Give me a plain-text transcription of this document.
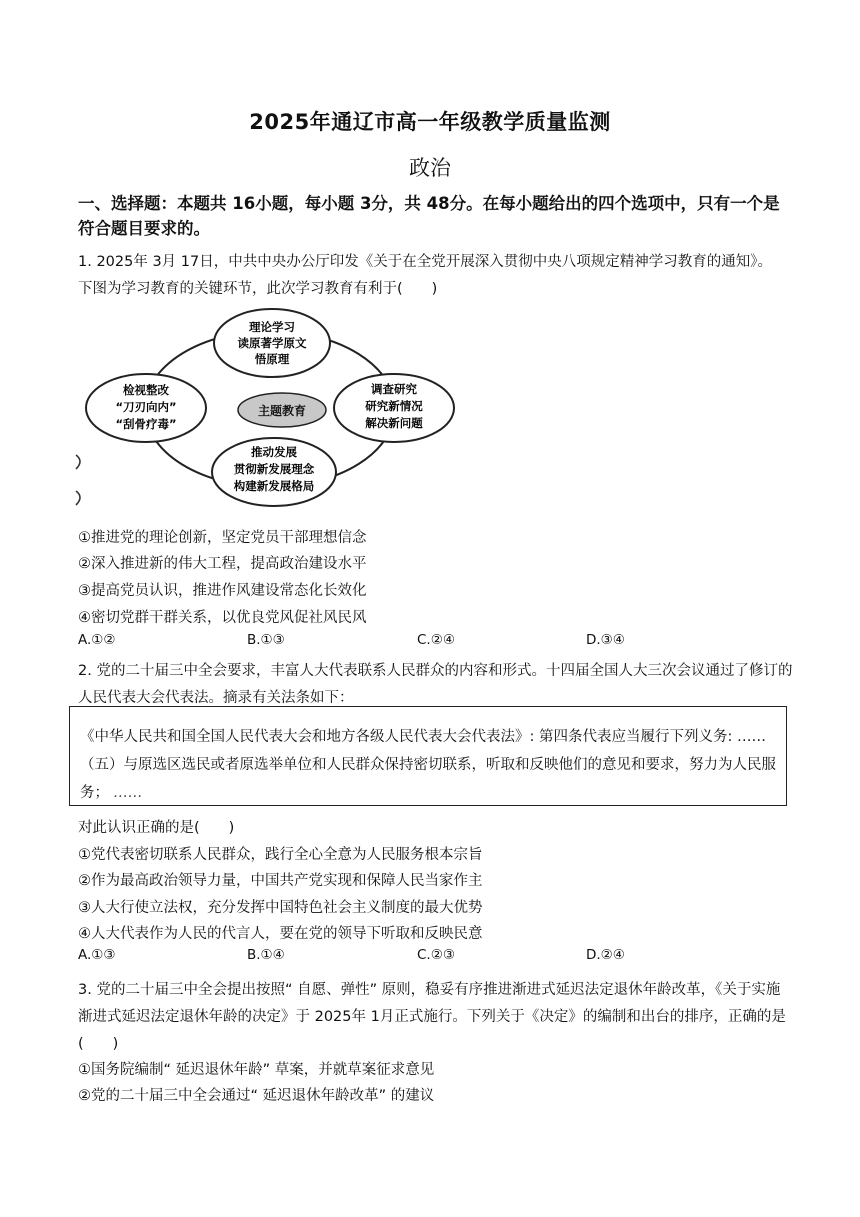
2025年通辽市高一年级教学质量监测
政治
一、选择题：本题共 16小题，每小题 3分，共 48分。在每小题给出的四个选项中，只有一个是符合题目要求的。
1. 2025年 3月 17日，中共中央办公厅印发《关于在全党开展深入贯彻中央八项规定精神学习教育的通知》。
下图为学习教育的关键环节，此次学习教育有利于(　　)
主题教育
理论学习
读原著学原文
悟原理
检视整改
“刀刃向内”
“刮骨疗毒”
调查研究
研究新情况
解决新问题
推动发展
贯彻新发展理念
构建新发展格局
①推进党的理论创新，坚定党员干部理想信念
②深入推进新的伟大工程，提高政治建设水平
③提高党员认识，推进作风建设常态化长效化
④密切党群干群关系，以优良党风促社风民风
A.①②	B.①③	C.②④	D.③④
2. 党的二十届三中全会要求，丰富人大代表联系人民群众的内容和形式。十四届全国人大三次会议通过了修订的人民代表大会代表法。摘录有关法条如下：
《中华人民共和国全国人民代表大会和地方各级人民代表大会代表法》: 第四条代表应当履行下列义务: ……（五）与原选区选民或者原选举单位和人民群众保持密切联系，听取和反映他们的意见和要求，努力为人民服务； ……
对此认识正确的是(　　)
①党代表密切联系人民群众，践行全心全意为人民服务根本宗旨
②作为最高政治领导力量，中国共产党实现和保障人民当家作主
③人大行使立法权，充分发挥中国特色社会主义制度的最大优势
④人大代表作为人民的代言人，要在党的领导下听取和反映民意
A.①③	B.①④	C.②③	D.②④
3. 党的二十届三中全会提出按照“ 自愿、弹性” 原则，稳妥有序推进渐进式延迟法定退休年龄改革，《关于实施渐进式延迟法定退休年龄的决定》于 2025年 1月正式施行。下列关于《决定》的编制和出台的排序，正确的是(　　)
①国务院编制“ 延迟退休年龄” 草案，并就草案征求意见
②党的二十届三中全会通过“ 延迟退休年龄改革” 的建议
